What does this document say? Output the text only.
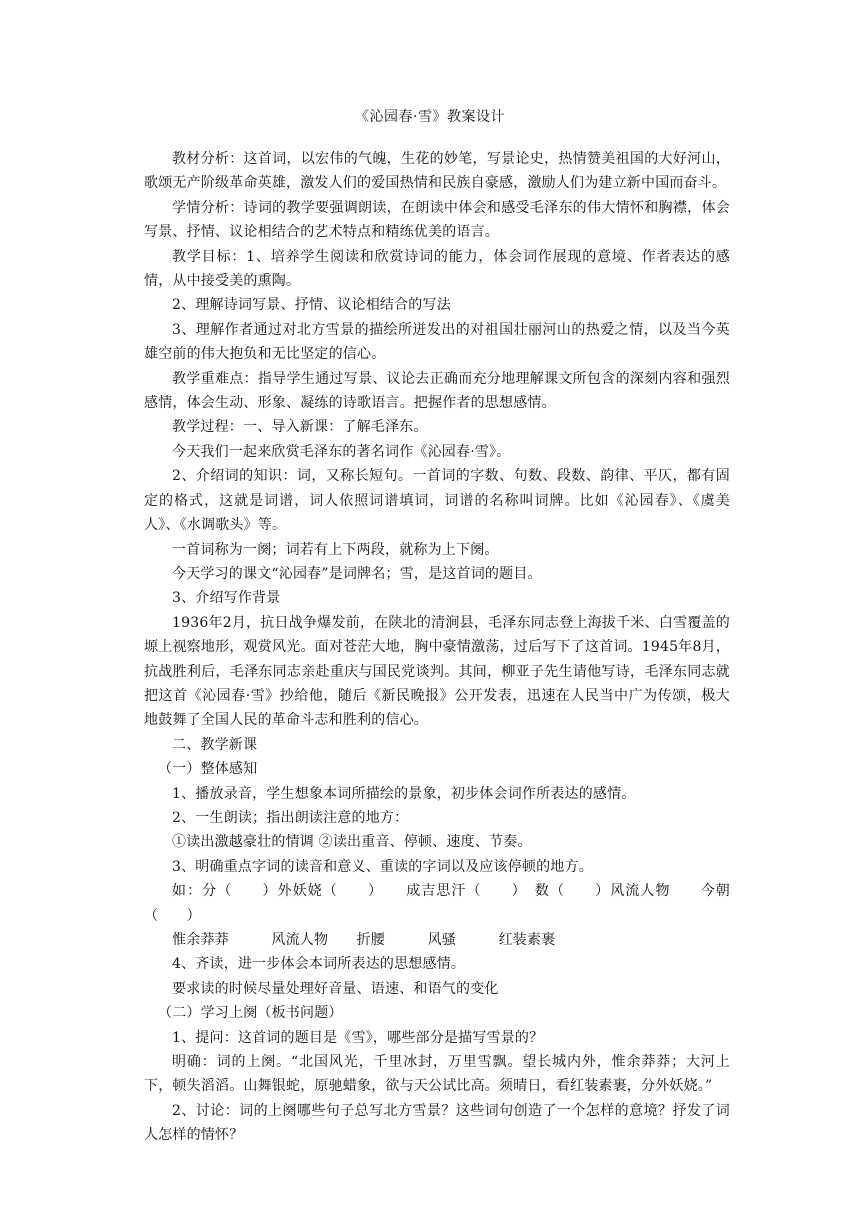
《沁园春·雪》教案设计

教材分析：这首词，以宏伟的气魄，生花的妙笔，写景论史，热情赞美祖国的大好河山，歌颂无产阶级革命英雄，激发人们的爱国热情和民族自豪感，激励人们为建立新中国而奋斗。

学情分析：诗词的教学要强调朗读，在朗读中体会和感受毛泽东的伟大情怀和胸襟，体会写景、抒情、议论相结合的艺术特点和精练优美的语言。

教学目标：1、培养学生阅读和欣赏诗词的能力，体会词作展现的意境、作者表达的感情，从中接受美的熏陶。

2、理解诗词写景、抒情、议论相结合的写法

3、理解作者通过对北方雪景的描绘所迸发出的对祖国壮丽河山的热爱之情，以及当今英雄空前的伟大抱负和无比坚定的信心。

教学重难点：指导学生通过写景、议论去正确而充分地理解课文所包含的深刻内容和强烈感情，体会生动、形象、凝练的诗歌语言。把握作者的思想感情。

教学过程：一、导入新课：了解毛泽东。

今天我们一起来欣赏毛泽东的著名词作《沁园春·雪》。

2、介绍词的知识：词，又称长短句。一首词的字数、句数、段数、韵律、平仄，都有固定的格式，这就是词谱，词人依照词谱填词，词谱的名称叫词牌。比如《沁园春》、《虞美人》、《水调歌头》等。

一首词称为一阕；词若有上下两段，就称为上下阕。

今天学习的课文“沁园春”是词牌名；雪，是这首词的题目。

3、介绍写作背景

1936年2月，抗日战争爆发前，在陕北的清涧县，毛泽东同志登上海拔千米、白雪覆盖的塬上视察地形，观赏风光。面对苍茫大地，胸中豪情激荡，过后写下了这首词。1945年8月，抗战胜利后，毛泽东同志亲赴重庆与国民党谈判。其间，柳亚子先生请他写诗，毛泽东同志就把这首《沁园春·雪》抄给他，随后《新民晚报》公开发表，迅速在人民当中广为传颂，极大地鼓舞了全国人民的革命斗志和胜利的信心。

二、教学新课

（一）整体感知

1、播放录音，学生想象本词所描绘的景象，初步体会词作所表达的感情。

2、一生朗读；指出朗读注意的地方：

①读出激越豪壮的情调 ②读出重音、停顿、速度、节奏。

3、明确重点字词的读音和意义、重读的字词以及应该停顿的地方。

如：分（　　）外妖娆（　　）　　成吉思汗（　　）　数（　　）风流人物　　今朝（　　）

惟余莽莽　　　风流人物　　折腰　　　风骚　　　红装素裹

4、齐读，进一步体会本词所表达的思想感情。

要求读的时候尽量处理好音量、语速、和语气的变化

（二）学习上阕（板书问题）

1、提问：这首词的题目是《雪》，哪些部分是描写雪景的？

明确：词的上阕。“北国风光，千里冰封，万里雪飘。望长城内外，惟余莽莽；大河上下，顿失滔滔。山舞银蛇，原驰蜡象，欲与天公试比高。须晴日，看红装素裹，分外妖娆。”

2、讨论：词的上阕哪些句子总写北方雪景？这些词句创造了一个怎样的意境？抒发了词人怎样的情怀？
